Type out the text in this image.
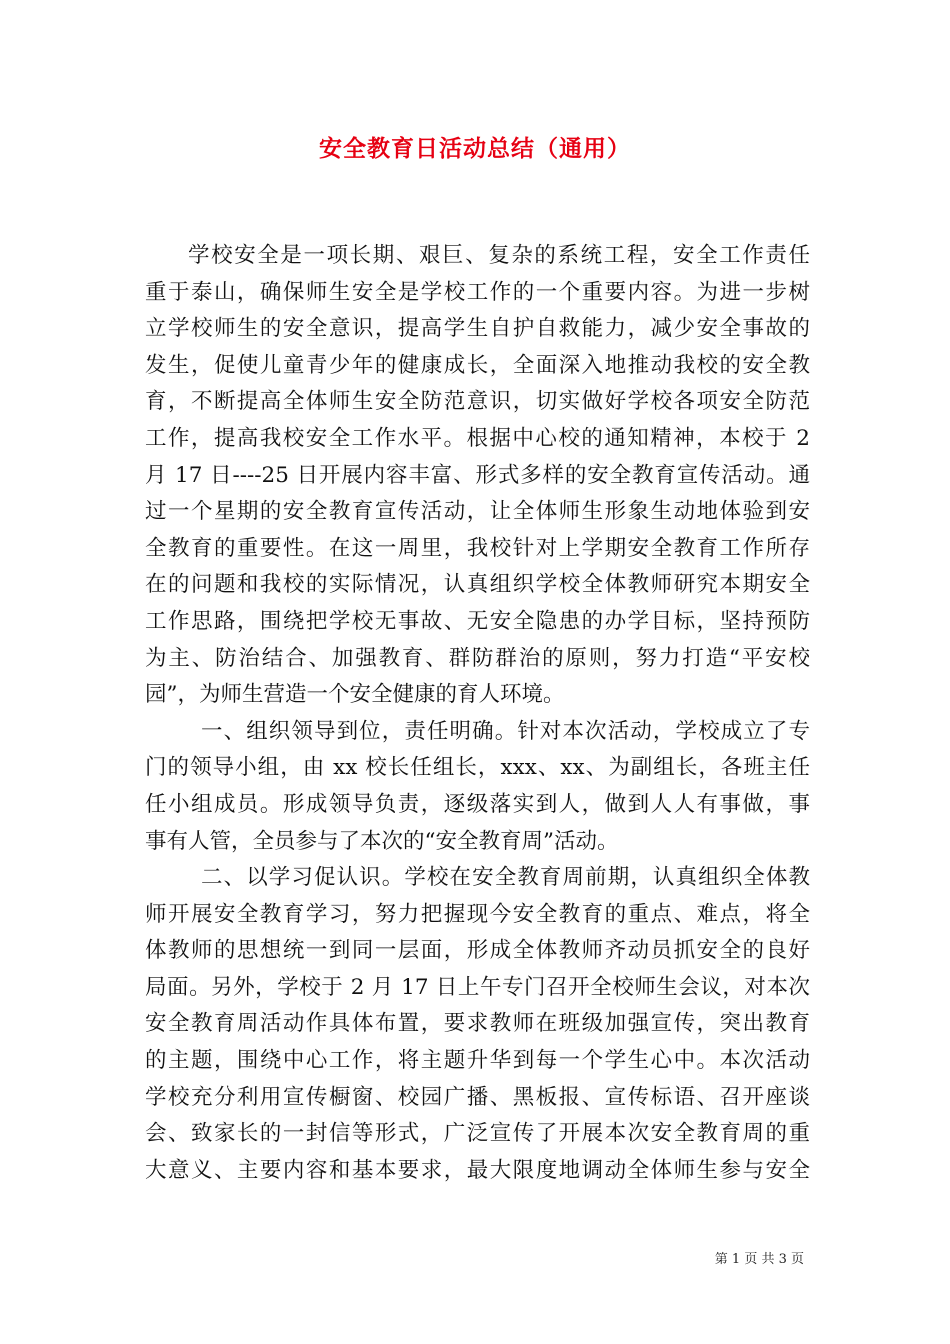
安全教育日活动总结（通用）
学校安全是一项长期、艰巨、复杂的系统工程，安全工作责任
重于泰山，确保师生安全是学校工作的一个重要内容。为进一步树
立学校师生的安全意识，提高学生自护自救能力，减少安全事故的
发生，促使儿童青少年的健康成长，全面深入地推动我校的安全教
育，不断提高全体师生安全防范意识，切实做好学校各项安全防范
工作，提高我校安全工作水平。根据中心校的通知精神，本校于 2
月 17 日----25 日开展内容丰富、形式多样的安全教育宣传活动。通
过一个星期的安全教育宣传活动，让全体师生形象生动地体验到安
全教育的重要性。在这一周里，我校针对上学期安全教育工作所存
在的问题和我校的实际情况，认真组织学校全体教师研究本期安全
工作思路，围绕把学校无事故、无安全隐患的办学目标，坚持预防
为主、防治结合、加强教育、群防群治的原则，努力打造“平安校
园”，为师生营造一个安全健康的育人环境。
一、组织领导到位，责任明确。针对本次活动，学校成立了专
门的领导小组，由 xx 校长任组长，xxx、xx、为副组长，各班主任
任小组成员。形成领导负责，逐级落实到人，做到人人有事做，事
事有人管，全员参与了本次的“安全教育周”活动。
二、以学习促认识。学校在安全教育周前期，认真组织全体教
师开展安全教育学习，努力把握现今安全教育的重点、难点，将全
体教师的思想统一到同一层面，形成全体教师齐动员抓安全的良好
局面。另外，学校于 2 月 17 日上午专门召开全校师生会议，对本次
安全教育周活动作具体布置，要求教师在班级加强宣传，突出教育
的主题，围绕中心工作，将主题升华到每一个学生心中。本次活动
学校充分利用宣传橱窗、校园广播、黑板报、宣传标语、召开座谈
会、致家长的一封信等形式，广泛宣传了开展本次安全教育周的重
大意义、主要内容和基本要求，最大限度地调动全体师生参与安全
第 1 页 共 3 页
